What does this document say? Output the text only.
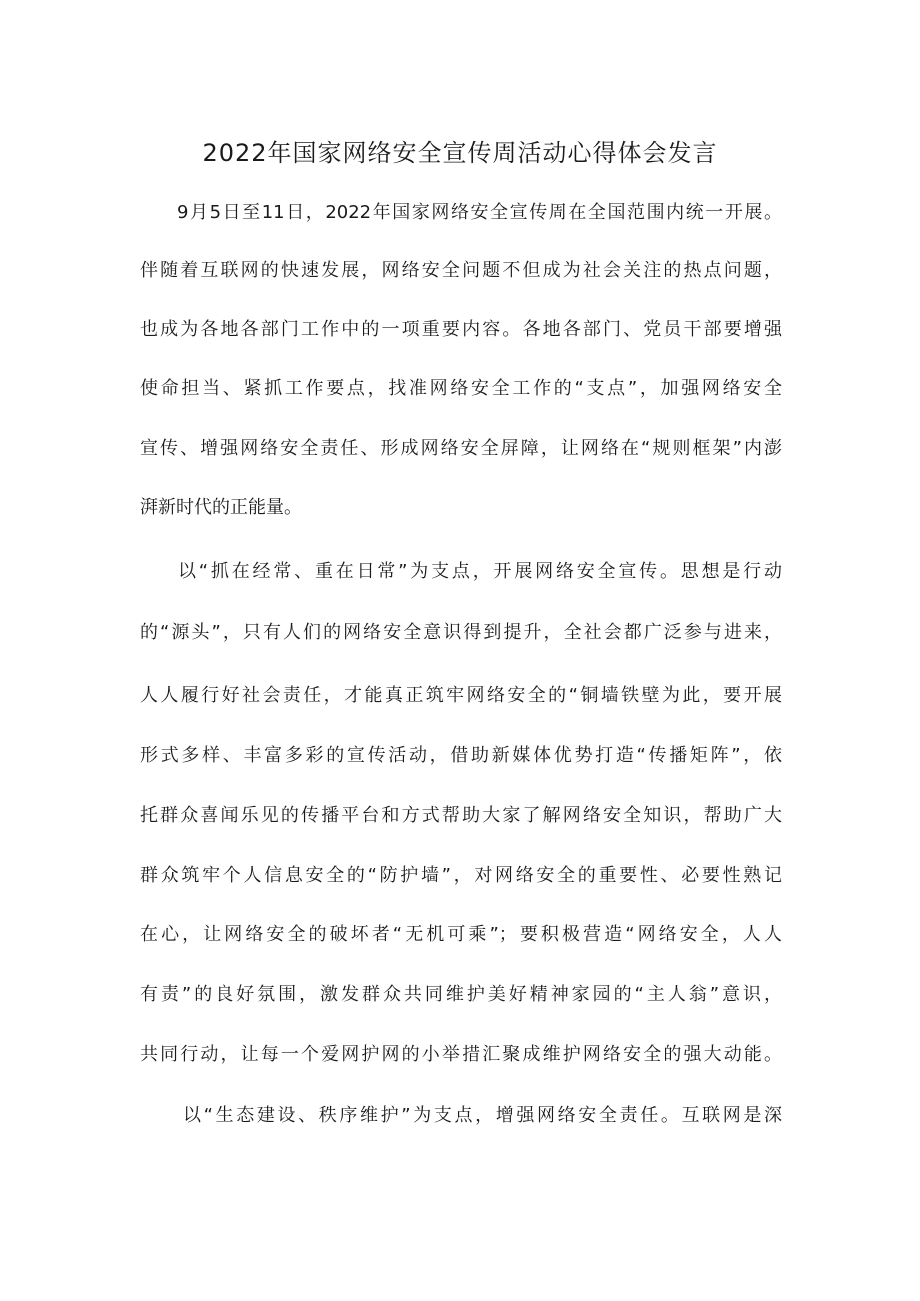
2022年国家网络安全宣传周活动心得体会发言
9月5日至11日，2022年国家网络安全宣传周在全国范围内统一开展。
伴随着互联网的快速发展，网络安全问题不但成为社会关注的热点问题，
也成为各地各部门工作中的一项重要内容。各地各部门、党员干部要增强
使命担当、紧抓工作要点，找准网络安全工作的“支点”，加强网络安全
宣传、增强网络安全责任、形成网络安全屏障，让网络在“规则框架”内澎
湃新时代的正能量。
以“抓在经常、重在日常”为支点，开展网络安全宣传。思想是行动
的“源头”，只有人们的网络安全意识得到提升，全社会都广泛参与进来，
人人履行好社会责任，才能真正筑牢网络安全的“铜墙铁壁为此，要开展
形式多样、丰富多彩的宣传活动，借助新媒体优势打造“传播矩阵”，依
托群众喜闻乐见的传播平台和方式帮助大家了解网络安全知识，帮助广大
群众筑牢个人信息安全的“防护墙”，对网络安全的重要性、必要性熟记
在心，让网络安全的破坏者“无机可乘”；要积极营造“网络安全，人人
有责”的良好氛围，激发群众共同维护美好精神家园的“主人翁”意识，
共同行动，让每一个爱网护网的小举措汇聚成维护网络安全的强大动能。
以“生态建设、秩序维护”为支点，增强网络安全责任。互联网是深
